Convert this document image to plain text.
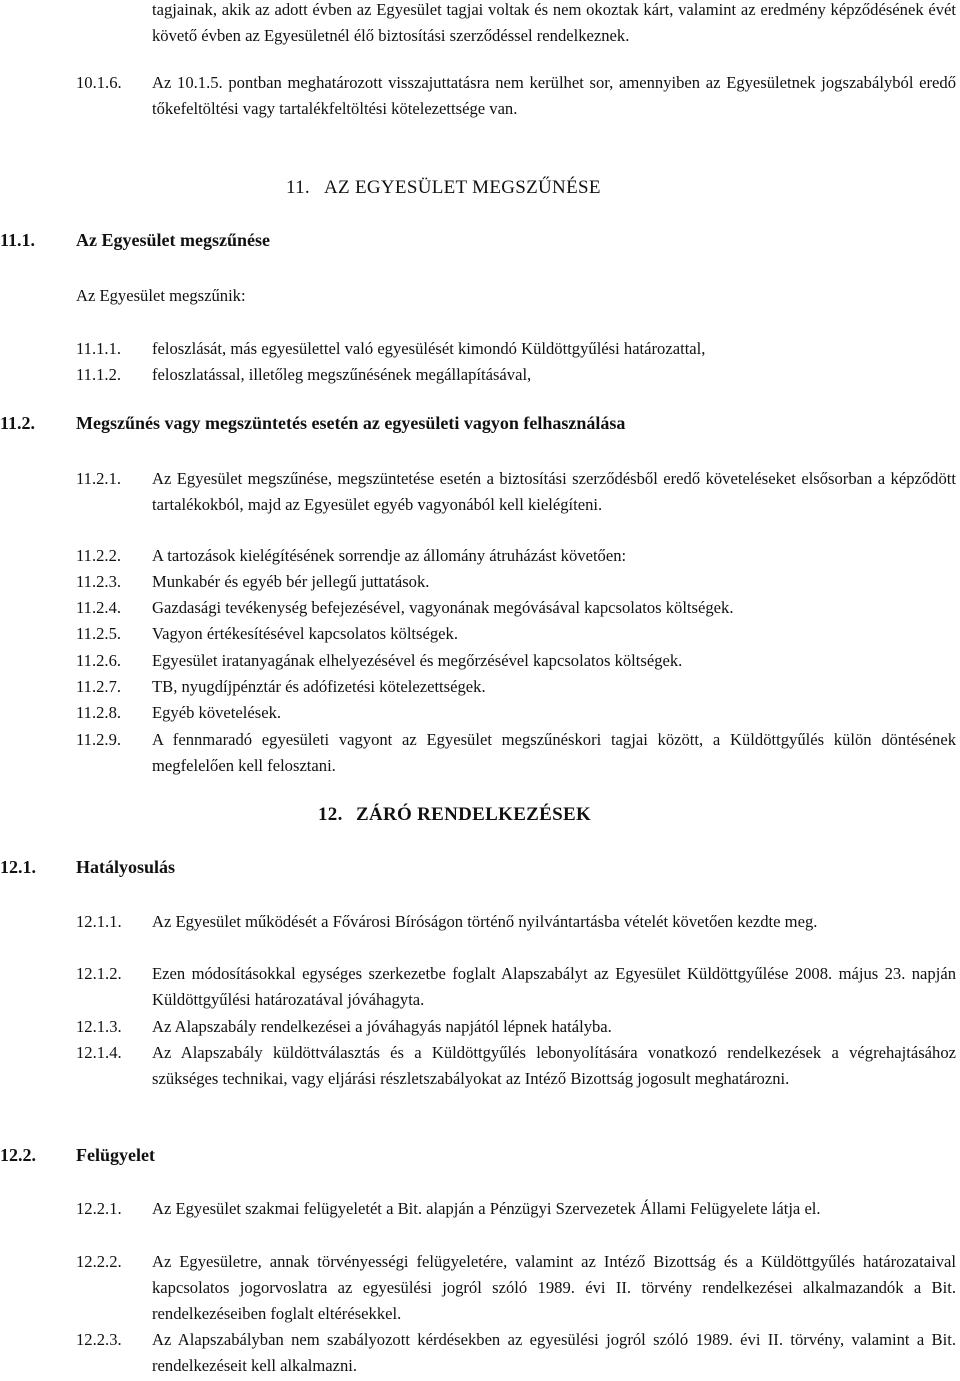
tagjainak, akik az adott évben az Egyesület tagjai voltak és nem okoztak kárt, valamint az eredmény képződésének évét követő évben az Egyesületnél élő biztosítási szerződéssel rendelkeznek.
10.1.6. Az 10.1.5. pontban meghatározott visszajuttatásra nem kerülhet sor, amennyiben az Egyesületnek jogszabályból eredő tőkefeltöltési vagy tartalékfeltöltési kötelezettsége van.
11. AZ EGYESÜLET MEGSZŰNÉSE
11.1. Az Egyesület megszűnése
Az Egyesület megszűnik:
11.1.1. feloszlását, más egyesülettel való egyesülését kimondó Küldöttgyűlési határozattal,
11.1.2. feloszlatással, illetőleg megszűnésének megállapításával,
11.2. Megszűnés vagy megszüntetés esetén az egyesületi vagyon felhasználása
11.2.1. Az Egyesület megszűnése, megszüntetése esetén a biztosítási szerződésből eredő követeléseket elsősorban a képződött tartalékokból, majd az Egyesület egyéb vagyonából kell kielégíteni.
11.2.2. A tartozások kielégítésének sorrendje az állomány átruházást követően:
11.2.3. Munkabér és egyéb bér jellegű juttatások.
11.2.4. Gazdasági tevékenység befejezésével, vagyonának megóvásával kapcsolatos költségek.
11.2.5. Vagyon értékesítésével kapcsolatos költségek.
11.2.6. Egyesület iratanyagának elhelyezésével és megőrzésével kapcsolatos költségek.
11.2.7. TB, nyugdíjpénztár és adófizetési kötelezettségek.
11.2.8. Egyéb követelések.
11.2.9. A fennmaradó egyesületi vagyont az Egyesület megszűnéskori tagjai között, a Küldöttgyűlés külön döntésének megfelelően kell felosztani.
12. ZÁRÓ RENDELKEZÉSEK
12.1. Hatályosulás
12.1.1. Az Egyesület működését a Fővárosi Bíróságon történő nyilvántartásba vételét követően kezdte meg.
12.1.2. Ezen módosításokkal egységes szerkezetbe foglalt Alapszabályt az Egyesület Küldöttgyűlése 2008. május 23. napján Küldöttgyűlési határozatával jóváhagyta.
12.1.3. Az Alapszabály rendelkezései a jóváhagyás napjától lépnek hatályba.
12.1.4. Az Alapszabály küldöttválasztás és a Küldöttgyűlés lebonyolítására vonatkozó rendelkezések a végrehajtásához szükséges technikai, vagy eljárási részletszabályokat az Intéző Bizottság jogosult meghatározni.
12.2. Felügyelet
12.2.1. Az Egyesület szakmai felügyeletét a Bit. alapján a Pénzügyi Szervezetek Állami Felügyelete látja el.
12.2.2. Az Egyesületre, annak törvényességi felügyeletére, valamint az Intéző Bizottság és a Küldöttgyűlés határozataival kapcsolatos jogorvoslatra az egyesülési jogról szóló 1989. évi II. törvény rendelkezései alkalmazandók a Bit. rendelkezéseiben foglalt eltérésekkel.
12.2.3. Az Alapszabályban nem szabályozott kérdésekben az egyesülési jogról szóló 1989. évi II. törvény, valamint a Bit. rendelkezéseit kell alkalmazni.
